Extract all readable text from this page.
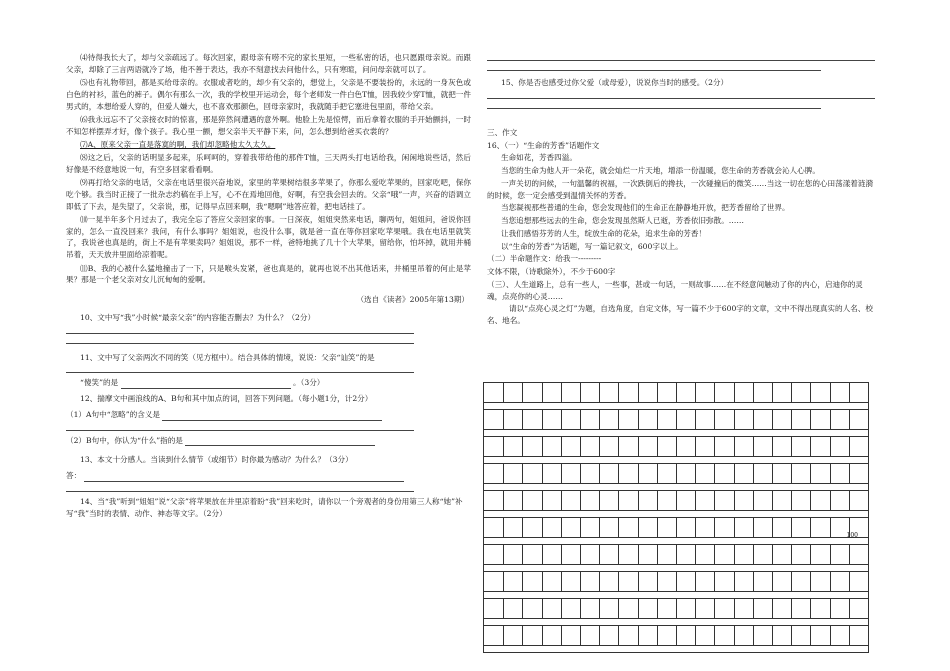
⑷待得我长大了，却与父亲疏远了。每次回家，跟母亲有唠不完的家长里短，一些私密的话，也只愿跟母亲说。而跟父亲，却除了三言两语就冷了场，他不善于表达，我亦不刻意找去问他什么，只有寒暄，问问母亲就可以了。

⑸也有礼物带回，都是买给母亲的。衣服或者吃的，却少有父亲的，想觉上，父亲是不要装扮的，永远的一身灰色或白色的衬衫，蓝色的裤子。偶尔有那么一次，我的学校里开运动会，每个老师发一件白色T恤，因我较少穿T恤，就把一件男式的，本想给爱人穿的，但爱人嫌大，也不喜欢那颜色，回母亲家时，我就随手把它塞进包里面，带给父亲。

⑹我永远忘不了父亲接衣时的惊喜，那是猝然间遭遇的意外啊。他脸上先是惊愕，而后拿着衣服的手开始颤抖，一时不知怎样摆弄才好，像个孩子。我心里一颤，想父亲半天平静下来，问，怎么想到给爸买衣裳的？

⑺A、原来父亲一直是落寞的啊，我们却忽略他太久太久。

⑻这之后，父亲的话明显多起来，乐呵呵的，穿着我带给他的那件T恤，三天两头打电话给我，闲闲地说些话，然后好像是不经意地说一句，有空多回家看看啊。

⑼再打给父亲的电话，父亲在电话里很兴奋地说，家里的苹果树结很多苹果了，你那么爱吃苹果的，回家吃吧，保你吃个够。我当时正接了一批杂志约稿在手上写，心不在焉地回他，好啊，有空我会回去的。父亲“哦”一声，兴奋的语调立即低了下去，是失望了，父亲说，那，记得早点回来啊，我“嗯啊”地答应着，把电话挂了。

⑽一晃半年多个月过去了，我完全忘了答应父亲回家的事。一日深夜，姐姐突然来电话，聊两句，姐姐问，爸说你回家的，怎么一直没回来？我问，有什么事吗？姐姐说，也没什么事，就是爸一直在等你回家吃苹果哦。我在电话里就笑了，我说爸也真是的，街上不是有苹果卖吗？姐姐说，那不一样，爸特地挑了几十个大苹果，留给你，怕坏掉，就用井桶吊着，天天放井里面给凉着呢。

⑾B、我的心被什么猛地撞击了一下，只是喉头发紧，爸也真是的，就再也说不出其他话来，井桶里吊着的何止是苹果？那是一个老父亲对女儿沉甸甸的爱啊。

（选自《读者》2005年第13期）

10、文中写“我”小时候“最亲父亲”的内容能否删去？为什么？（2分）
11、文中写了父亲两次不同的笑（见方框中）。结合具体的情境，说说：父亲“讪笑”的是
“傻笑”的是	。（3分）
12、揣摩文中画浪线的A、B句和其中加点的词，回答下列问题。（每小题1分，计2分）
（1）A句中“忽略”的含义是
（2）B句中，你认为“什么”指的是
13、本文十分感人。当读到什么情节（或细节）时你最为感动？为什么？（3分）
答：
14、当“我”听到“姐姐”说“父亲”将苹果放在井里凉着盼“我”回来吃时，请你以一个旁观者的身份用第三人称“她”补写“我”当时的表情、动作、神态等文字。（2分）
15、你是否也感受过你父爱（或母爱），说说你当时的感受。（2分）
三、作文
16、（一）“生命的芳香”话题作文
生命如花，芳香四溢。
当您的生命为他人开一朵花，就会灿烂一片天地，增添一份温暖，您生命的芳香就会沁人心脾。
一声关切的问候，一句温馨的祝福，一次跌倒后的搀扶，一次碰撞后的微笑……当这一切在您的心田荡漾着涟漪的时候，您一定会感受到温情关怀的芳香。
当您凝视那些普通的生命，您会发现他们的生命正在静静地开放，把芳香留给了世界。
当您追想那些远去的生命，您会发现虽然斯人已逝，芳香依旧弥散。……
让我们感悟芬芳的人生，绽放生命的花朵，追求生命的芳香！
以“生命的芳香”为话题，写一篇记叙文，600字以上。
（二）半命题作文：给我一---------
文体不限，（诗歌除外），不少于600字
（三）、人生道路上，总有一些人，一些事，甚或一句话，一则故事……在不经意间触动了你的内心，启迪你的灵魂，点亮你的心灵……
请以“点亮心灵之灯”为题，自选角度，自定文体，写一篇不少于600字的文章，文中不得出现真实的人名、校名、地名。
100
